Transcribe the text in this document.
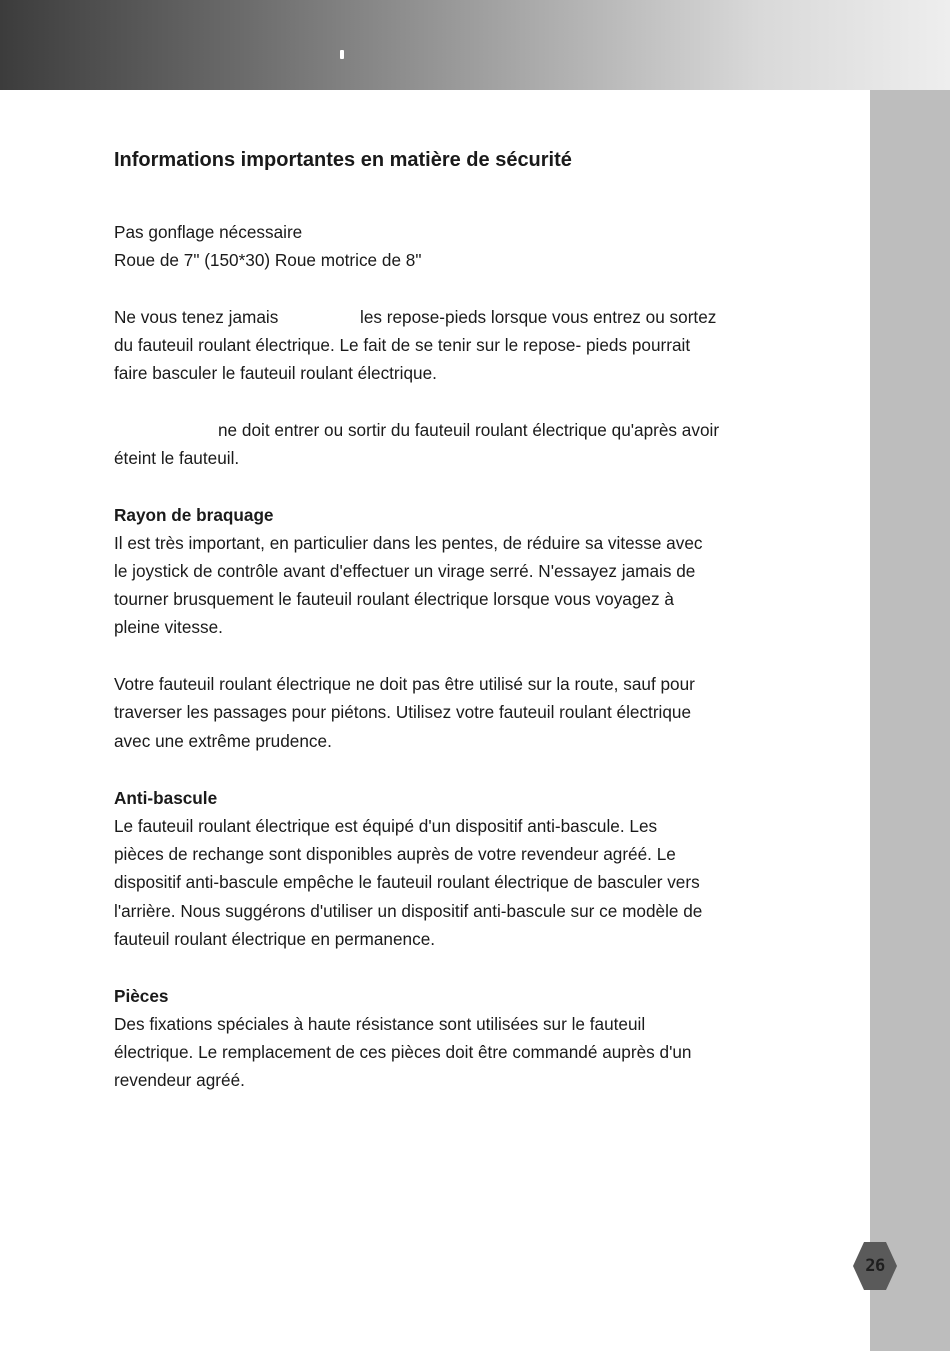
26
Informations importantes en matière de sécurité
Pas gonflage nécessaire
Roue de 7" (150*30) Roue motrice de 8"
Ne vous tenez jamais	les repose-pieds lorsque vous entrez ou sortez
du fauteuil roulant électrique. Le fait de se tenir sur le repose- pieds pourrait
faire basculer le fauteuil roulant électrique.
ne doit entrer ou sortir du fauteuil roulant électrique qu'après avoir
éteint le fauteuil.
Rayon de braquage
Il est très important, en particulier dans les pentes, de réduire sa vitesse avec
le joystick de contrôle avant d'effectuer un virage serré. N'essayez jamais de
tourner brusquement le fauteuil roulant électrique lorsque vous voyagez à
pleine vitesse.
Votre fauteuil roulant électrique ne doit pas être utilisé sur la route, sauf pour
traverser les passages pour piétons. Utilisez votre fauteuil roulant électrique
avec une extrême prudence.
Anti-bascule
Le fauteuil roulant électrique est équipé d'un dispositif anti-bascule. Les
pièces de rechange sont disponibles auprès de votre revendeur agréé. Le
dispositif anti-bascule empêche le fauteuil roulant électrique de basculer vers
l'arrière. Nous suggérons d'utiliser un dispositif anti-bascule sur ce modèle de
fauteuil roulant électrique en permanence.
Pièces
Des fixations spéciales à haute résistance sont utilisées sur le fauteuil
électrique. Le remplacement de ces pièces doit être commandé auprès d'un
revendeur agréé.
